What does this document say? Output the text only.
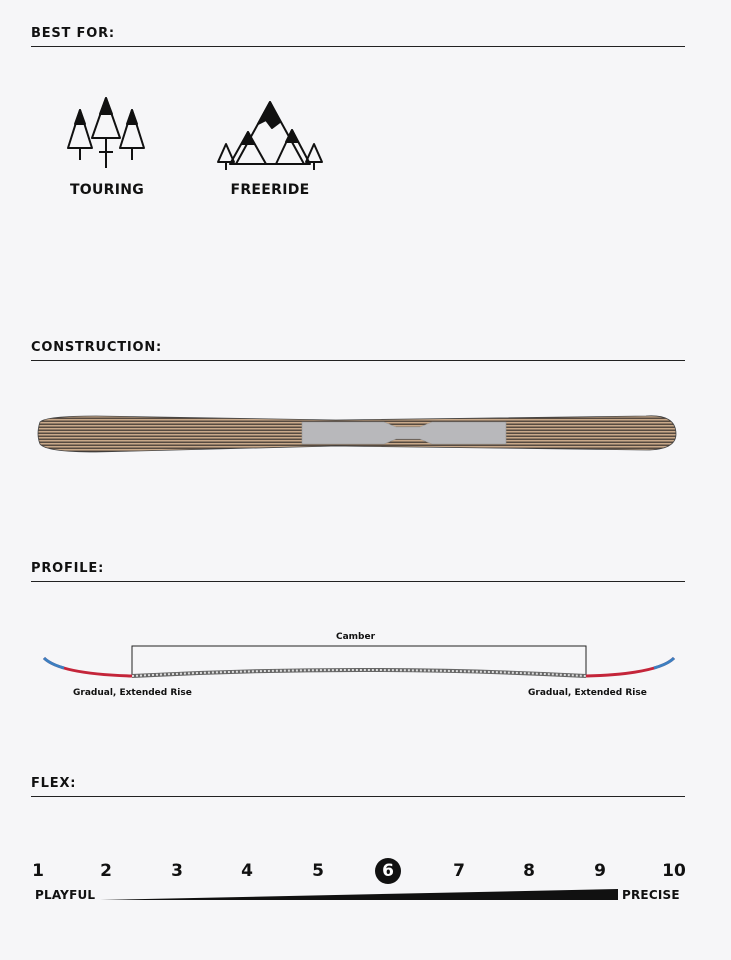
BEST FOR:
TOURING	FREERIDE
CONSTRUCTION:
PROFILE:
Camber
Gradual, Extended Rise	Gradual, Extended Rise
FLEX:
1	2	3	4	5	6	7	8	9	10
PLAYFUL	PRECISE
